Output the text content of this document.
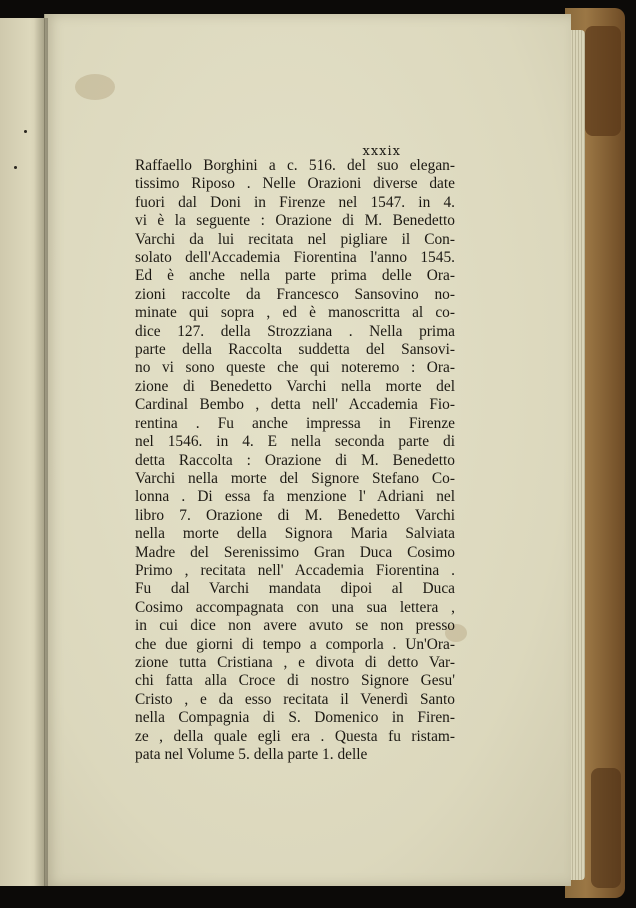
xxxix
Raffaello Borghini a c. 516. del suo elegan-
tissimo Riposo . Nelle Orazioni diverse date
fuori dal Doni in Firenze nel 1547. in 4.
vi è la seguente : Orazione di M. Benedetto
Varchi da lui recitata nel pigliare il Con-
solato dell'Accademia Fiorentina l'anno 1545.
Ed è anche nella parte prima delle Ora-
zioni raccolte da Francesco Sansovino no-
minate qui sopra , ed è manoscritta al co-
dice 127. della Strozziana . Nella prima
parte della Raccolta suddetta del Sansovi-
no vi sono queste che qui noteremo : Ora-
zione di Benedetto Varchi nella morte del
Cardinal Bembo , detta nell' Accademia Fio-
rentina . Fu anche impressa in Firenze
nel 1546. in 4. E nella seconda parte di
detta Raccolta : Orazione di M. Benedetto
Varchi nella morte del Signore Stefano Co-
lonna . Di essa fa menzione l' Adriani nel
libro 7. Orazione di M. Benedetto Varchi
nella morte della Signora Maria Salviata
Madre del Serenissimo Gran Duca Cosimo
Primo , recitata nell' Accademia Fiorentina .
Fu dal Varchi mandata dipoi al Duca
Cosimo accompagnata con una sua lettera ,
in cui dice non avere avuto se non presso
che due giorni di tempo a comporla . Un'Ora-
zione tutta Cristiana , e divota di detto Var-
chi fatta alla Croce di nostro Signore Gesu'
Cristo , e da esso recitata il Venerdì Santo
nella Compagnia di S. Domenico in Firen-
ze , della quale egli era . Questa fu ristam-
pata nel Volume 5. della parte 1. delle
